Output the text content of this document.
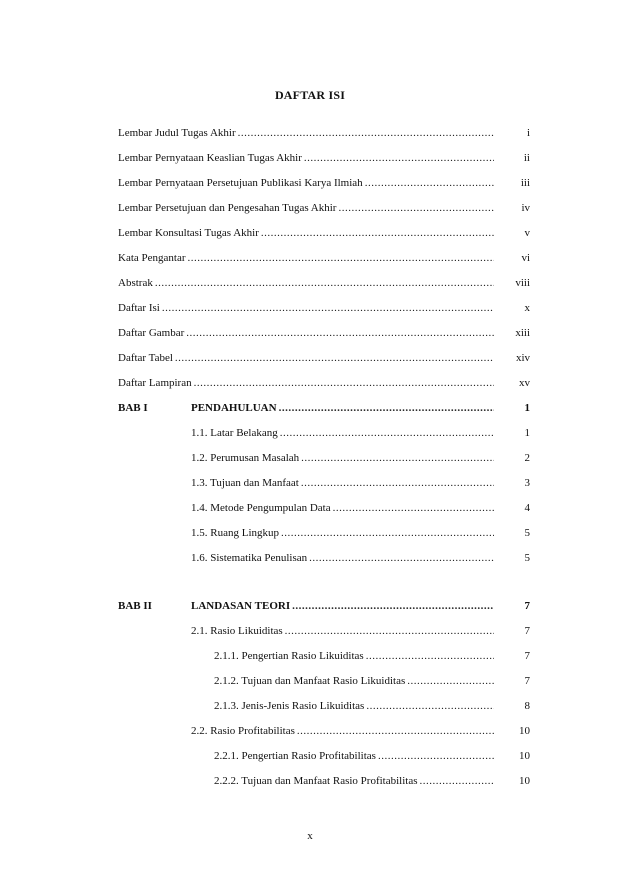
DAFTAR ISI
Lembar Judul Tugas Akhir .....	i
Lembar Pernyataan Keaslian Tugas Akhir .....	ii
Lembar Pernyataan Persetujuan Publikasi Karya Ilmiah .....	iii
Lembar Persetujuan dan Pengesahan Tugas Akhir .....	iv
Lembar Konsultasi Tugas Akhir .....	v
Kata Pengantar .....	vi
Abstrak .....	viii
Daftar Isi .....	x
Daftar Gambar .....	xiii
Daftar Tabel .....	xiv
Daftar Lampiran .....	xv
BAB I	PENDAHULUAN .....	1
1.1. Latar Belakang .....	1
1.2. Perumusan Masalah .....	2
1.3. Tujuan dan Manfaat .....	3
1.4. Metode Pengumpulan Data .....	4
1.5. Ruang Lingkup .....	5
1.6. Sistematika Penulisan .....	5
BAB II	LANDASAN TEORI .....	7
2.1. Rasio Likuiditas .....	7
2.1.1. Pengertian Rasio Likuiditas .....	7
2.1.2. Tujuan dan Manfaat Rasio Likuiditas .....	7
2.1.3. Jenis-Jenis Rasio Likuiditas .....	8
2.2. Rasio Profitabilitas .....	10
2.2.1. Pengertian Rasio Profitabilitas .....	10
2.2.2. Tujuan dan Manfaat Rasio Profitabilitas .....	10
x
